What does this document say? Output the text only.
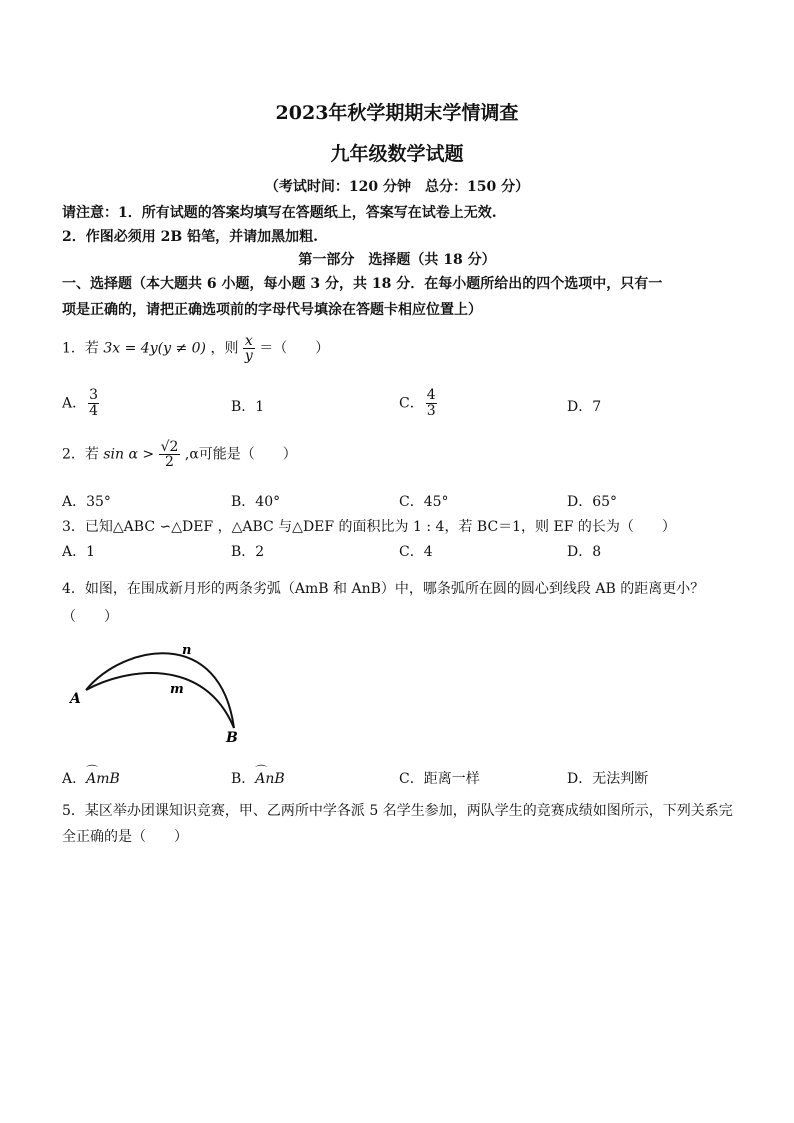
2023年秋学期期末学情调查
九年级数学试题
（考试时间：120 分钟　总分：150 分）
请注意：1．所有试题的答案均填写在答题纸上，答案写在试卷上无效.
2．作图必须用 2B 铅笔，并请加黑加粗.
第一部分　选择题（共 18 分）
一、选择题（本大题共 6 小题，每小题 3 分，共 18 分．在每小题所给出的四个选项中，只有一
项是正确的，请把正确选项前的字母代号填涂在答题卡相应位置上）
1．若 3x = 4y(y ≠ 0) ，则 $\frac{x}{y}$ ＝（　　）
A． $\frac{3}{4}$	B．1	C． $\frac{4}{3}$	D．7
2．若 $\sin \alpha > \frac{√2}{2} ,\alpha$可能是（　　）
A．35°	B．40°	C．45°	D．65°
3．已知△ABC ∽△DEF ，△ABC 与△DEF 的面积比为 1 : 4，若 BC＝1，则 EF 的长为（　　）
A．1	B．2	C．4	D．8
4．如图，在围成新月形的两条劣弧（AmB 和 AnB）中，哪条弧所在圆的圆心到线段 AB 的距离更小？
（　　）
A
B
n
m
A．⌒ AmB	B．⌒ AnB	C．距离一样	D．无法判断
5．某区举办团课知识竞赛，甲、乙两所中学各派 5 名学生参加，两队学生的竞赛成绩如图所示，下列关系完
全正确的是（　　）
